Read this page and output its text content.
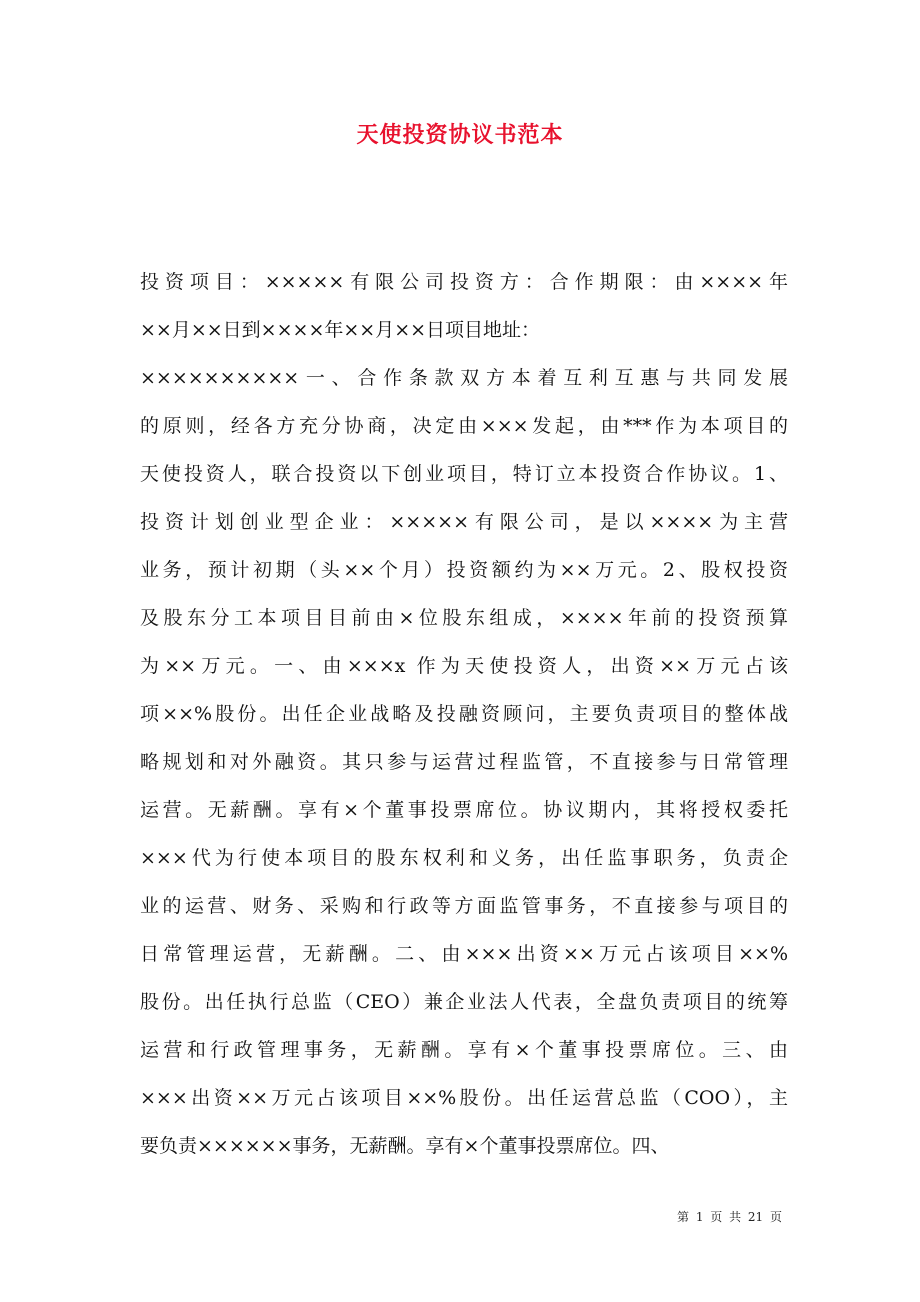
天使投资协议书范本
投资项目：×××××有限公司投资方：合作期限：由××××年
××月××日到××××年××月××日项目地址：
××××××××××一、合作条款双方本着互利互惠与共同发展
的原则，经各方充分协商，决定由×××发起，由***作为本项目的
天使投资人，联合投资以下创业项目，特订立本投资合作协议。1、
投资计划创业型企业：×××××有限公司，是以××××为主营
业务，预计初期（头××个月）投资额约为××万元。2、股权投资
及股东分工本项目目前由×位股东组成，××××年前的投资预算
为××万元。一、由×××x 作为天使投资人，出资××万元占该
项××%股份。出任企业战略及投融资顾问，主要负责项目的整体战
略规划和对外融资。其只参与运营过程监管，不直接参与日常管理
运营。无薪酬。享有×个董事投票席位。协议期内，其将授权委托
×××代为行使本项目的股东权利和义务，出任监事职务，负责企
业的运营、财务、采购和行政等方面监管事务，不直接参与项目的
日常管理运营，无薪酬。二、由×××出资××万元占该项目××%
股份。出任执行总监（CEO）兼企业法人代表，全盘负责项目的统筹
运营和行政管理事务，无薪酬。享有×个董事投票席位。三、由
×××出资××万元占该项目××%股份。出任运营总监（COO），主
要负责××××××事务，无薪酬。享有×个董事投票席位。四、
第 1 页 共 21 页
